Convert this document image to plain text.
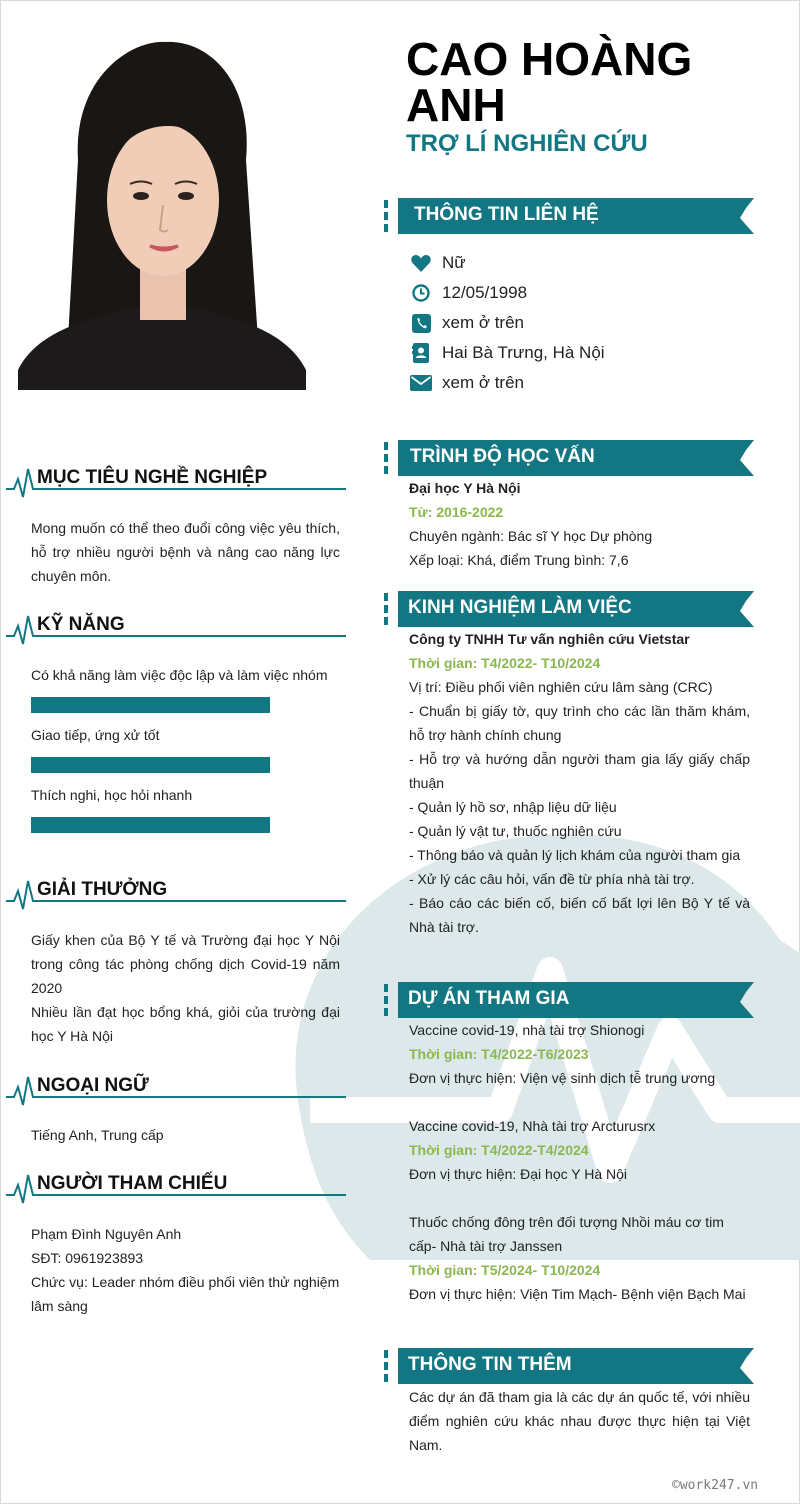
CAO HOÀNG
ANH
TRỢ LÍ NGHIÊN CỨU
THÔNG TIN LIÊN HỆ
Nữ
12/05/1998
xem ở trên
Hai Bà Trưng, Hà Nội
xem ở trên
TRÌNH ĐỘ HỌC VẤN
Đại học Y Hà Nội
Từ: 2016-2022
Chuyên ngành: Bác sĩ Y học Dự phòng
Xếp loại: Khá, điểm Trung bình: 7,6
KINH NGHIỆM LÀM VIỆC
Công ty TNHH Tư vấn nghiên cứu Vietstar
Thời gian: T4/2022- T10/2024
Vị trí: Điều phối viên nghiên cứu lâm sàng (CRC)
- Chuẩn bị giấy tờ, quy trình cho các lần thăm khám, hỗ trợ hành chính chung
- Hỗ trợ và hướng dẫn người tham gia lấy giấy chấp thuận
- Quản lý hồ sơ, nhập liệu dữ liệu
- Quản lý vật tư, thuốc nghiên cứu
- Thông báo và quản lý lịch khám của người tham gia
- Xử lý các câu hỏi, vấn đề từ phía nhà tài trợ.
- Báo cáo các biến cố, biến cố bất lợi lên Bộ Y tế và Nhà tài trợ.
DỰ ÁN THAM GIA
Vaccine covid-19, nhà tài trợ Shionogi
Thời gian: T4/2022-T6/2023
Đơn vị thực hiện: Viện vệ sinh dịch tễ trung ương
Vaccine covid-19, Nhà tài trợ Arcturusrx
Thời gian: T4/2022-T4/2024
Đơn vị thực hiện: Đại học Y Hà Nội
Thuốc chống đông trên đối tượng Nhồi máu cơ tim cấp- Nhà tài trợ Janssen
Thời gian: T5/2024- T10/2024
Đơn vị thực hiện: Viện Tim Mạch- Bệnh viện Bạch Mai
THÔNG TIN THÊM
Các dự án đã tham gia là các dự án quốc tế, với nhiều điểm nghiên cứu khác nhau được thực hiện tại Việt Nam.
MỤC TIÊU NGHỀ NGHIỆP
Mong muốn có thể theo đuổi công việc yêu thích, hỗ trợ nhiều người bệnh và nâng cao năng lực chuyên môn.
KỸ NĂNG
Có khả năng làm việc độc lập và làm việc nhóm
Giao tiếp, ứng xử tốt
Thích nghi, học hỏi nhanh
GIẢI THƯỞNG
Giấy khen của Bộ Y tế và Trường đại học Y Nội trong công tác phòng chống dịch Covid-19 năm 2020
Nhiều lần đạt học bổng khá, giỏi của trường đại học Y Hà Nội
NGOẠI NGỮ
Tiếng Anh, Trung cấp
NGƯỜI THAM CHIẾU
Phạm Đình Nguyên Anh
SĐT: 0961923893
Chức vụ: Leader nhóm điều phối viên thử nghiệm lâm sàng
©work247.vn
